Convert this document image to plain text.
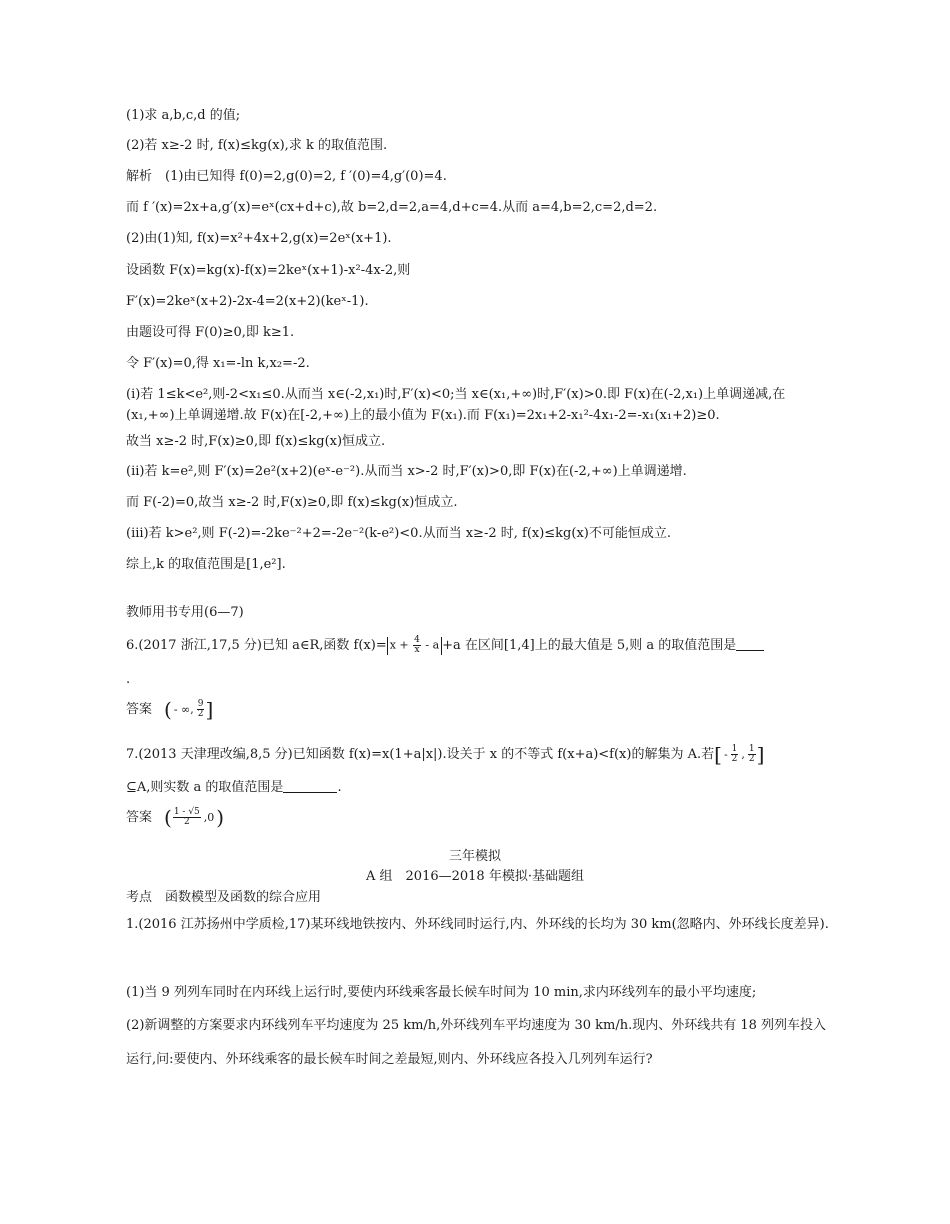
(1)求 a,b,c,d 的值;
(2)若 x≥-2 时, f(x)≤kg(x),求 k 的取值范围.
解析　(1)由已知得 f(0)=2,g(0)=2, f ′(0)=4,g′(0)=4.
而 f ′(x)=2x+a,g′(x)=eˣ(cx+d+c),故 b=2,d=2,a=4,d+c=4.从而 a=4,b=2,c=2,d=2.
(2)由(1)知, f(x)=x²+4x+2,g(x)=2eˣ(x+1).
设函数 F(x)=kg(x)-f(x)=2keˣ(x+1)-x²-4x-2,则
F′(x)=2keˣ(x+2)-2x-4=2(x+2)(keˣ-1).
由题设可得 F(0)≥0,即 k≥1.
令 F′(x)=0,得 x₁=-ln k,x₂=-2.
(i)若 1≤k<e²,则-2<x₁≤0.从而当 x∈(-2,x₁)时,F′(x)<0;当 x∈(x₁,+∞)时,F′(x)>0.即 F(x)在(-2,x₁)上单调递减,在(x₁,+∞)上单调递增.故 F(x)在[-2,+∞)上的最小值为 F(x₁).而 F(x₁)=2x₁+2-x₁²-4x₁-2=-x₁(x₁+2)≥0.
故当 x≥-2 时,F(x)≥0,即 f(x)≤kg(x)恒成立.
(ii)若 k=e²,则 F′(x)=2e²(x+2)(eˣ-e⁻²).从而当 x>-2 时,F′(x)>0,即 F(x)在(-2,+∞)上单调递增.
而 F(-2)=0,故当 x≥-2 时,F(x)≥0,即 f(x)≤kg(x)恒成立.
(iii)若 k>e²,则 F(-2)=-2ke⁻²+2=-2e⁻²(k-e²)<0.从而当 x≥-2 时, f(x)≤kg(x)不可能恒成立.
综上,k 的取值范围是[1,e²].
教师用书专用(6—7)
6.(2017 浙江,17,5 分)已知 a∈R,函数 $f(x)= x + \frac{4}{x} - a +a$ 在区间[1,4]上的最大值是 5,则 a 的取值范围是
.
答案 ( - ∞, $\frac{9}{2}$ ]
7.(2013 天津理改编,8,5 分)已知函数 f(x)=x(1+a|x|).设关于 x 的不等式 f(x+a)<f(x)的解集为 A.若[ - $\frac{1}{2}$ , $\frac{1}{2}$ ]
⊆A,则实数 a 的取值范围是	.
答案 ( $\frac{1 - √5}{2} ,0$ )
三年模拟
A 组　2016—2018 年模拟·基础题组
考点　函数模型及函数的综合应用
1.(2016 江苏扬州中学质检,17)某环线地铁按内、外环线同时运行,内、外环线的长均为 30 km(忽略内、外环线长度差异).
(1)当 9 列列车同时在内环线上运行时,要使内环线乘客最长候车时间为 10 min,求内环线列车的最小平均速度;
(2)新调整的方案要求内环线列车平均速度为 25 km/h,外环线列车平均速度为 30 km/h.现内、外环线共有 18 列列车投入运行,问:要使内、外环线乘客的最长候车时间之差最短,则内、外环线应各投入几列列车运行?
